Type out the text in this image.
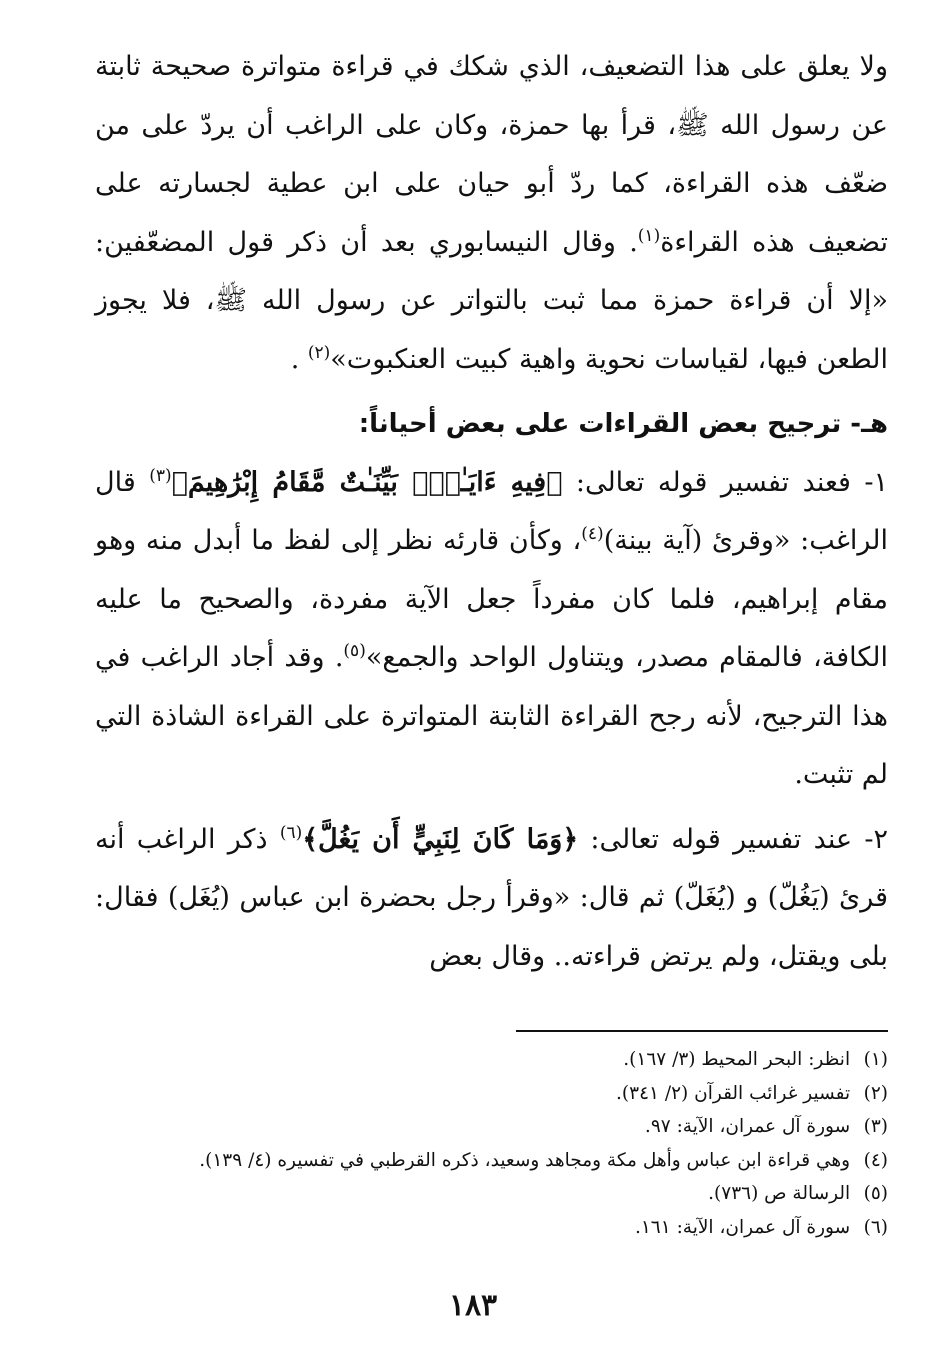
ولا يعلق على هذا التضعيف، الذي شكك في قراءة متواترة صحيحة ثابتة عن رسول الله ﷺ، قرأ بها حمزة، وكان على الراغب أن يردّ على من ضعّف هذه القراءة، كما ردّ أبو حيان على ابن عطية لجسارته على تضعيف هذه القراءة$^{(١)}$. وقال النيسابوري بعد أن ذكر قول المضعّفين: «إلا أن قراءة حمزة مما ثبت بالتواتر عن رسول الله ﷺ، فلا يجوز الطعن فيها، لقياسات نحوية واهية كبيت العنكبوت»$^{(٢)}$ .

هـ- ترجيح بعض القراءات على بعض أحياناً:

١- فعند تفسير قوله تعالى: ﴿فِيهِ ءَايَـٰتٌۢ بَيِّنَـٰتٌ مَّقَامُ إِبْرَٰهِيمَ﴾$^{(٣)}$ قال الراغب: «وقرئ (آية بينة)$^{(٤)}$، وكأن قارئه نظر إلى لفظ ما أبدل منه وهو مقام إبراهيم، فلما كان مفرداً جعل الآية مفردة، والصحيح ما عليه الكافة، فالمقام مصدر، ويتناول الواحد والجمع»$^{(٥)}$. وقد أجاد الراغب في هذا الترجيح، لأنه رجح القراءة الثابتة المتواترة على القراءة الشاذة التي لم تثبت.

٢- عند تفسير قوله تعالى: ﴿وَمَا كَانَ لِنَبِيٍّ أَن يَغُلَّ﴾$^{(٦)}$ ذكر الراغب أنه قرئ (يَغُلّ) و (يُغَلّ) ثم قال: «وقرأ رجل بحضرة ابن عباس (يُغَل) فقال: بلى ويقتل، ولم يرتض قراءته.. وقال بعض

(١) انظر: البحر المحيط (٣/ ١٦٧).
(٢) تفسير غرائب القرآن (٢/ ٣٤١).
(٣) سورة آل عمران، الآية: ٩٧.
(٤) وهي قراءة ابن عباس وأهل مكة ومجاهد وسعيد، ذكره القرطبي في تفسيره (٤/ ١٣٩).
(٥) الرسالة ص (٧٣٦).
(٦) سورة آل عمران، الآية: ١٦١.
١٨٣
